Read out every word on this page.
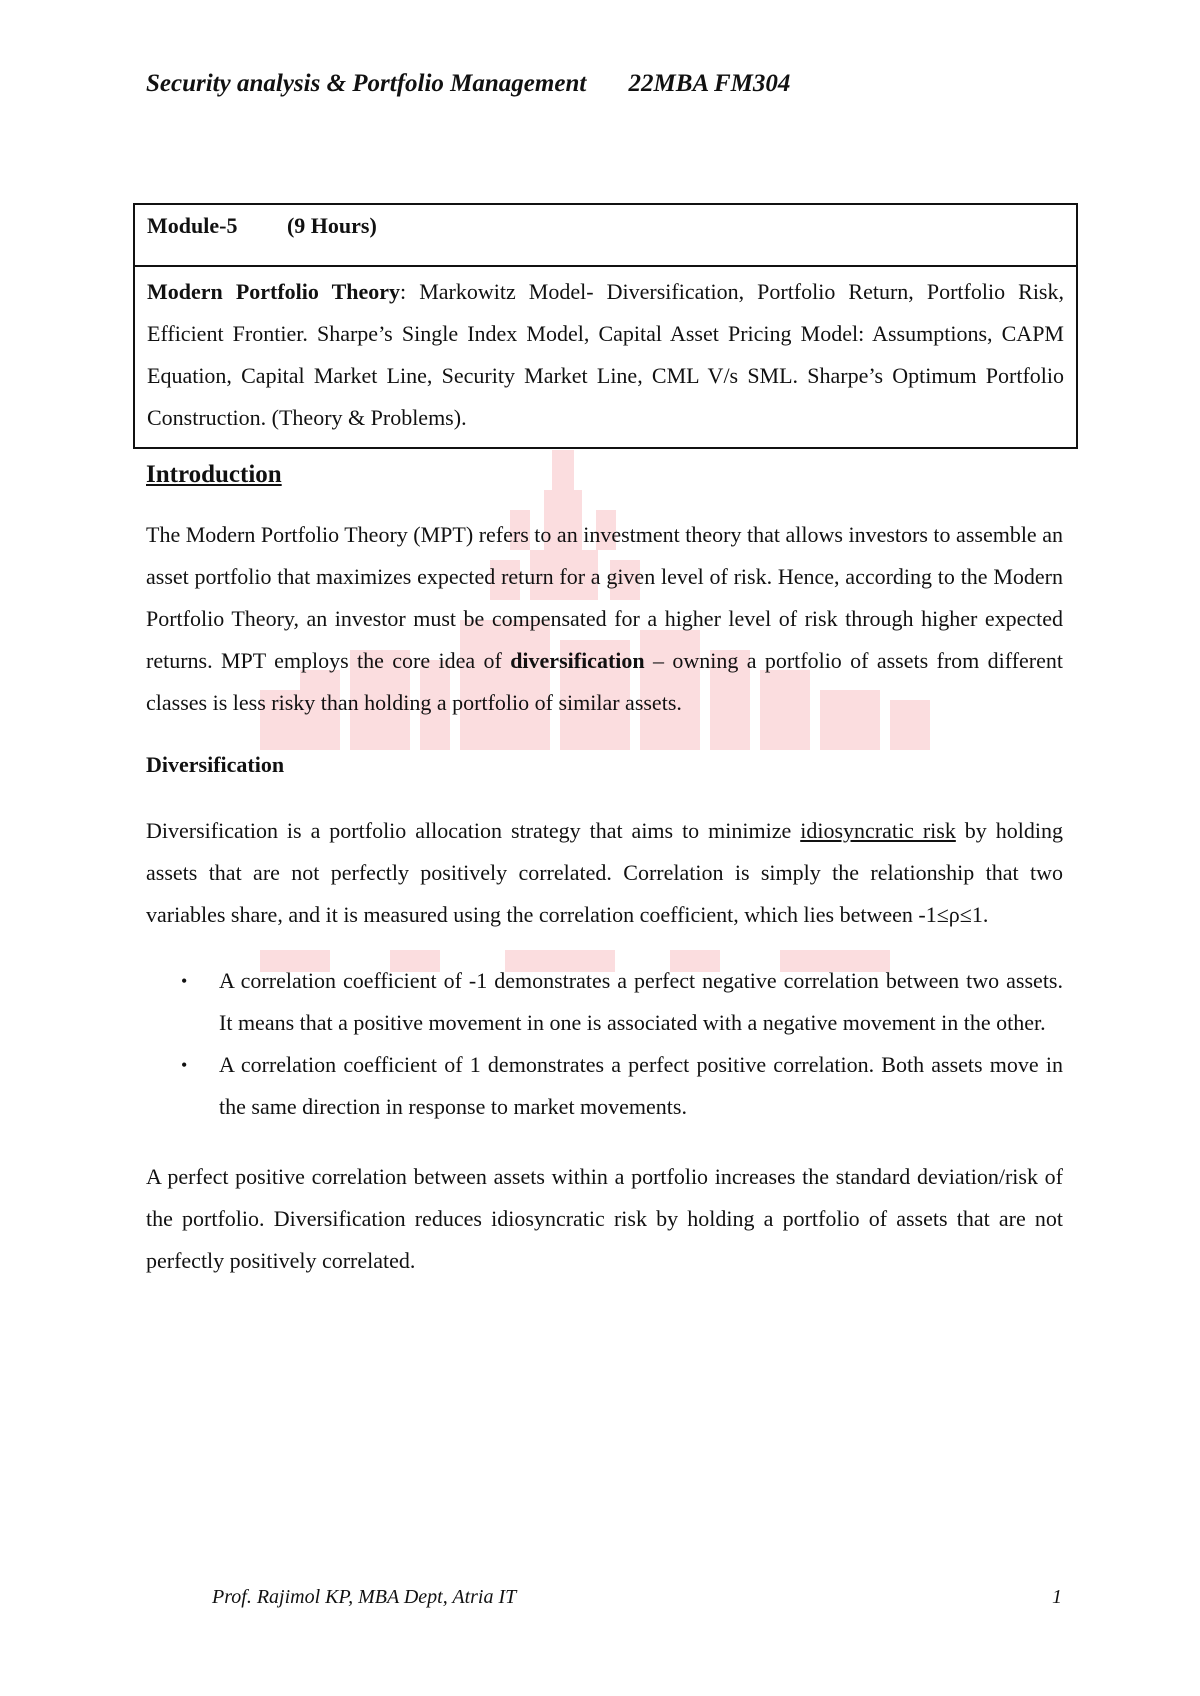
Security analysis & Portfolio Management 22MBA FM304
Module-5 (9 Hours)
Modern Portfolio Theory: Markowitz Model- Diversification, Portfolio Return, Portfolio Risk, Efficient Frontier. Sharpe’s Single Index Model, Capital Asset Pricing Model: Assumptions, CAPM Equation, Capital Market Line, Security Market Line, CML V/s SML. Sharpe’s Optimum Portfolio Construction. (Theory & Problems).
Introduction

The Modern Portfolio Theory (MPT) refers to an investment theory that allows investors to assemble an asset portfolio that maximizes expected return for a given level of risk. Hence, according to the Modern Portfolio Theory, an investor must be compensated for a higher level of risk through higher expected returns. MPT employs the core idea of diversification – owning a portfolio of assets from different classes is less risky than holding a portfolio of similar assets.

Diversification

Diversification is a portfolio allocation strategy that aims to minimize idiosyncratic risk by holding assets that are not perfectly positively correlated. Correlation is simply the relationship that two variables share, and it is measured using the correlation coefficient, which lies between -1≤ρ≤1.

• A correlation coefficient of -1 demonstrates a perfect negative correlation between two assets. It means that a positive movement in one is associated with a negative movement in the other.
• A correlation coefficient of 1 demonstrates a perfect positive correlation. Both assets move in the same direction in response to market movements.

A perfect positive correlation between assets within a portfolio increases the standard deviation/risk of the portfolio. Diversification reduces idiosyncratic risk by holding a portfolio of assets that are not perfectly positively correlated.

Prof. Rajimol KP, MBA Dept, Atria IT	1
